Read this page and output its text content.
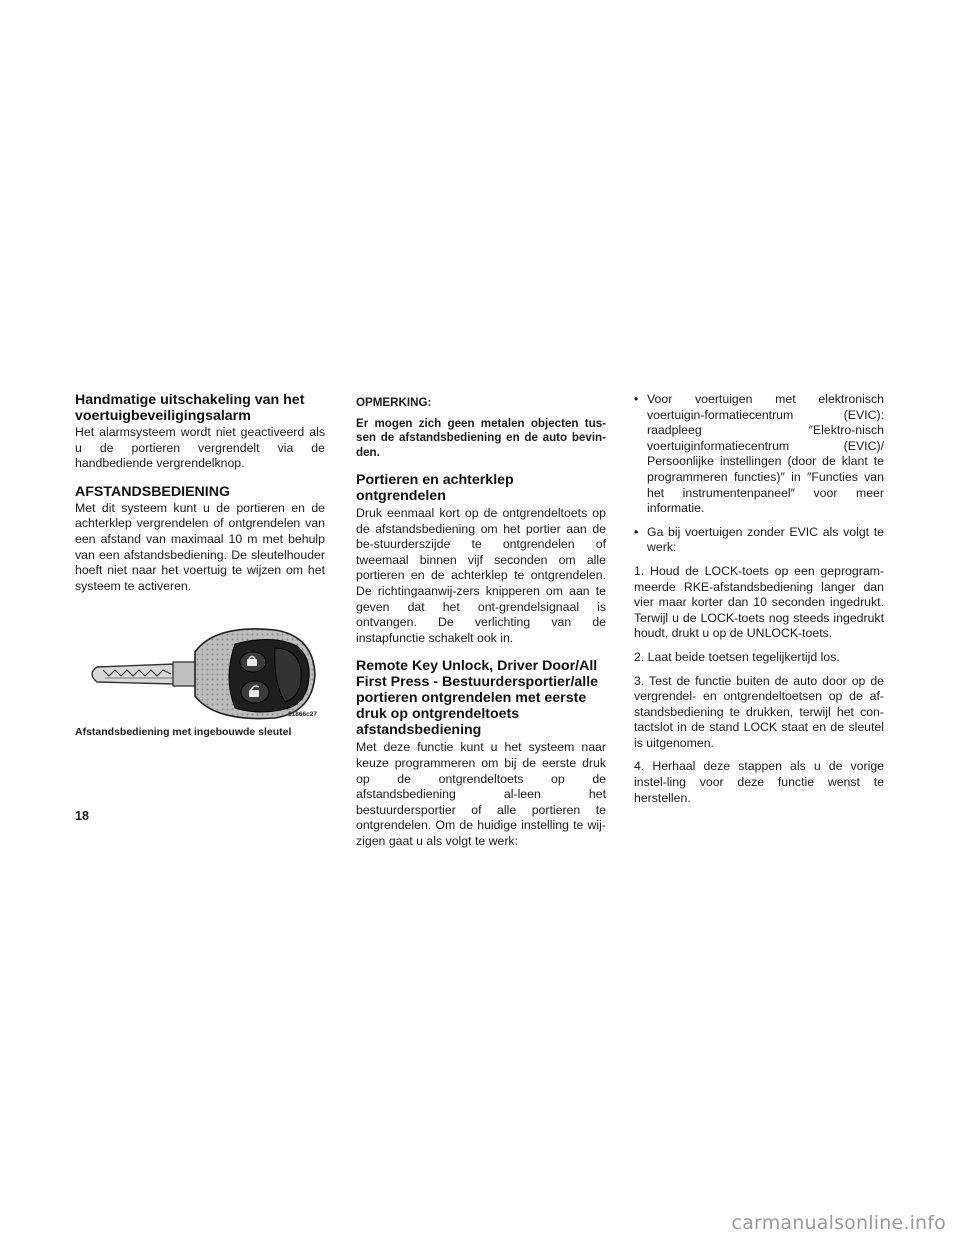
Handmatige uitschakeling van het voertuigbeveiligingsalarm

Het alarmsysteem wordt niet geactiveerd als u de portieren vergrendelt via de handbediende vergrendelknop.

AFSTANDSBEDIENING

Met dit systeem kunt u de portieren en de achterklep vergrendelen of ontgrendelen van een afstand van maximaal 10 m met behulp van een afstandsbediening. De sleutelhouder hoeft niet naar het voertuig te wijzen om het systeem te activeren.

81866c27
Afstandsbediening met ingebouwde sleutel

OPMERKING:

Er mogen zich geen metalen objecten tus-sen de afstandsbediening en de auto bevin-den.

Portieren en achterklep ontgrendelen

Druk eenmaal kort op de ontgrendeltoets op de afstandsbediening om het portier aan de be-stuurderszijde te ontgrendelen of tweemaal binnen vijf seconden om alle portieren en de achterklep te ontgrendelen. De richtingaanwij-zers knipperen om aan te geven dat het ont-grendelsignaal is ontvangen. De verlichting van de instapfunctie schakelt ook in.

Remote Key Unlock, Driver Door/All First Press - Bestuurdersportier/alle portieren ontgrendelen met eerste druk op ontgrendeltoets afstandsbediening

Met deze functie kunt u het systeem naar keuze programmeren om bij de eerste druk op de ontgrendeltoets op de afstandsbediening al-leen het bestuurdersportier of alle portieren te ontgrendelen. Om de huidige instelling te wij-zigen gaat u als volgt te werk:

• Voor voertuigen met elektronisch voertuigin-formatiecentrum (EVIC): raadpleeg ″Elektro-nisch voertuiginformatiecentrum (EVIC)/ Persoonlijke instellingen (door de klant te programmeren functies)″ in ″Functies van het instrumentenpaneel″ voor meer informatie.
• Ga bij voertuigen zonder EVIC als volgt te werk:

1. Houd de LOCK-toets op een geprogram-meerde RKE-afstandsbediening langer dan vier maar korter dan 10 seconden ingedrukt. Terwijl u de LOCK-toets nog steeds ingedrukt houdt, drukt u op de UNLOCK-toets.

2. Laat beide toetsen tegelijkertijd los.

3. Test de functie buiten de auto door op de vergrendel- en ontgrendeltoetsen op de af-standsbediening te drukken, terwijl het con-tactslot in de stand LOCK staat en de sleutel is uitgenomen.

4. Herhaal deze stappen als u de vorige instel-ling voor deze functie wenst te herstellen.

18
carmanualsonline.info
